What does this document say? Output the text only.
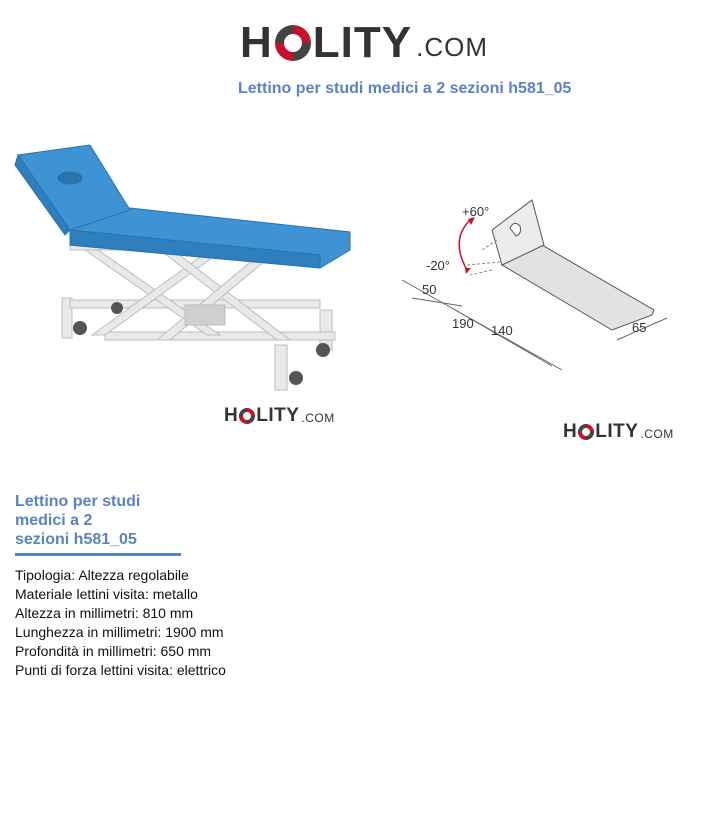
H LITY .COM
Lettino per studi medici a 2 sezioni h581_05
H LITY .COM
+60°
-20°
50
190 140	65
H LITY .COM
Lettino per studi
medici a 2
sezioni h581_05
Tipologia: Altezza regolabile
Materiale lettini visita: metallo
Altezza in millimetri: 810 mm
Lunghezza in millimetri: 1900 mm
Profondità in millimetri: 650 mm
Punti di forza lettini visita: elettrico
